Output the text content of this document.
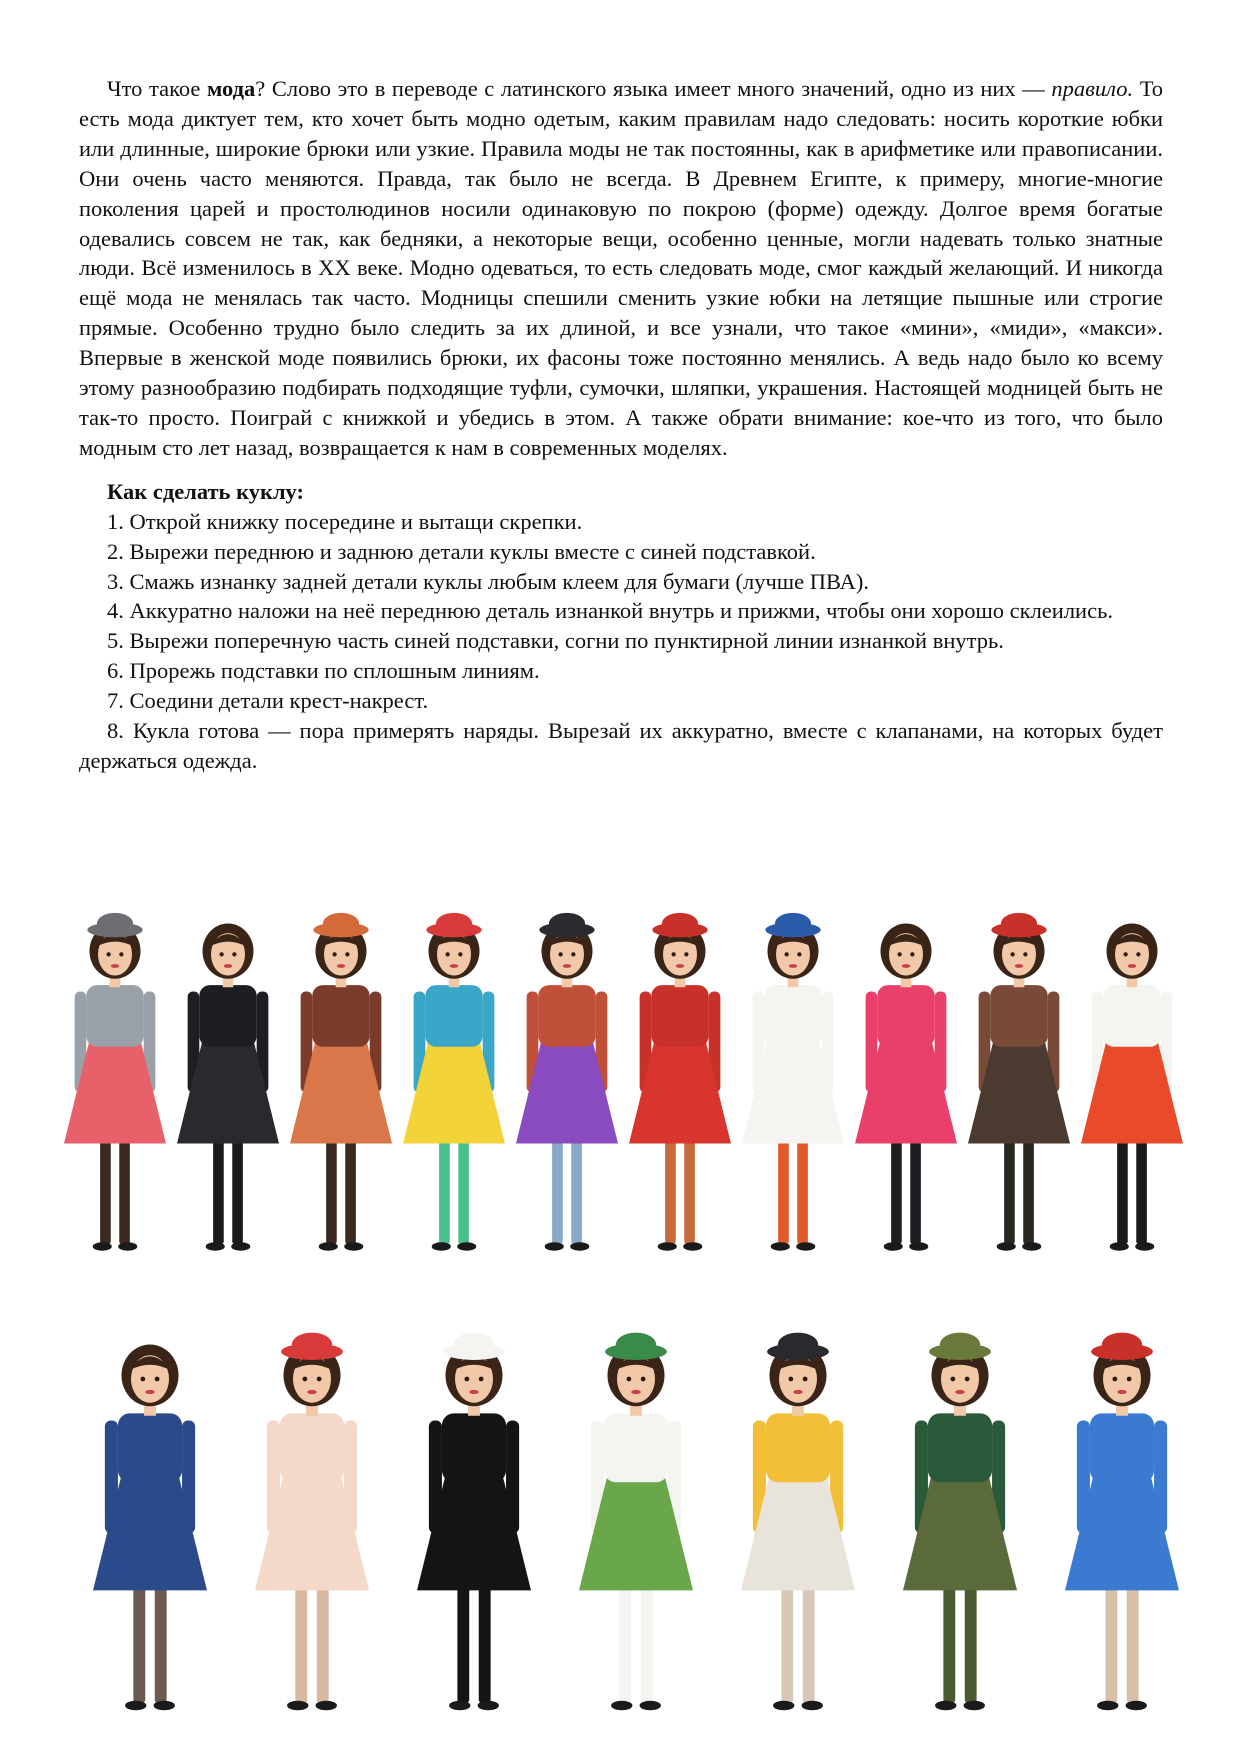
Что такое мода? Слово это в переводе с латинского языка имеет много значений, одно из них — правило. То есть мода диктует тем, кто хочет быть модно одетым, каким правилам надо следовать: носить короткие юбки или длинные, широкие брюки или узкие. Правила моды не так постоянны, как в арифметике или правописании. Они очень часто меняются. Правда, так было не всегда. В Древнем Египте, к примеру, многие-многие поколения царей и простолюдинов носили одинаковую по покрою (форме) одежду. Долгое время богатые одевались совсем не так, как бедняки, а некоторые вещи, особенно ценные, могли надевать только знатные люди. Всё изменилось в XX веке. Модно одеваться, то есть следовать моде, смог каждый желающий. И никогда ещё мода не менялась так часто. Модницы спешили сменить узкие юбки на летящие пышные или строгие прямые. Особенно трудно было следить за их длиной, и все узнали, что такое «мини», «миди», «макси». Впервые в женской моде появились брюки, их фасоны тоже постоянно менялись. А ведь надо было ко всему этому разнообразию подбирать подходящие туфли, сумочки, шляпки, украшения. Настоящей модницей быть не так-то просто. Поиграй с книжкой и убедись в этом. А также обрати внимание: кое-что из того, что было модным сто лет назад, возвращается к нам в современных моделях.

Как сделать куклу:

1. Открой книжку посередине и вытащи скрепки.

2. Вырежи переднюю и заднюю детали куклы вместе с синей подставкой.

3. Смажь изнанку задней детали куклы любым клеем для бумаги (лучше ПВА).

4. Аккуратно наложи на неё переднюю деталь изнанкой внутрь и прижми, чтобы они хорошо склеились.

5. Вырежи поперечную часть синей подставки, согни по пунктирной линии изнанкой внутрь.

6. Прорежь подставки по сплошным линиям.

7. Соедини детали крест-накрест.

8. Кукла готова — пора примерять наряды. Вырезай их аккуратно, вместе с клапанами, на которых будет держаться одежда.
